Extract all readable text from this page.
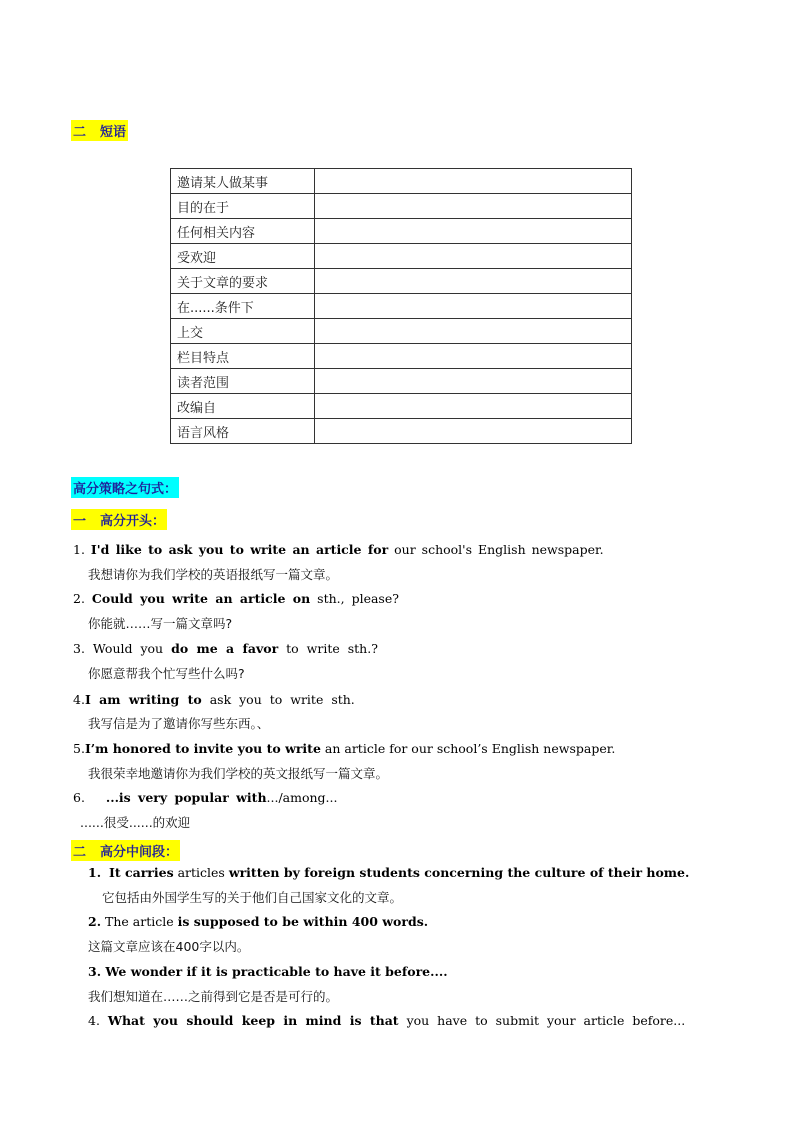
二 短语
邀请某人做某事	
目的在于	
任何相关内容	
受欢迎	
关于文章的要求	
在......条件下	
上交	
栏目特点	
读者范围	
改编自	
语言风格	
高分策略之句式：
一 高分开头：
1. I'd like to ask you to write an article for our school's English newspaper.
我想请你为我们学校的英语报纸写一篇文章。
2. Could you write an article on sth., please?
你能就……写一篇文章吗?
3. Would you do me a favor to write sth.?
你愿意帮我个忙写些什么吗?
4.I am writing to ask you to write sth.
我写信是为了邀请你写些东西。、
5.I’m honored to invite you to write an article for our school’s English newspaper.
我很荣幸地邀请你为我们学校的英文报纸写一篇文章。
6. ...is very popular with.../among...
......很受......的欢迎
二 高分中间段：
1. It carries articles written by foreign students concerning the culture of their home.
它包括由外国学生写的关于他们自己国家文化的文章。
2. The article is supposed to be within 400 words.
这篇文章应该在400字以内。
3. We wonder if it is practicable to have it before....
我们想知道在……之前得到它是否是可行的。
4. What you should keep in mind is that you have to submit your article before...
